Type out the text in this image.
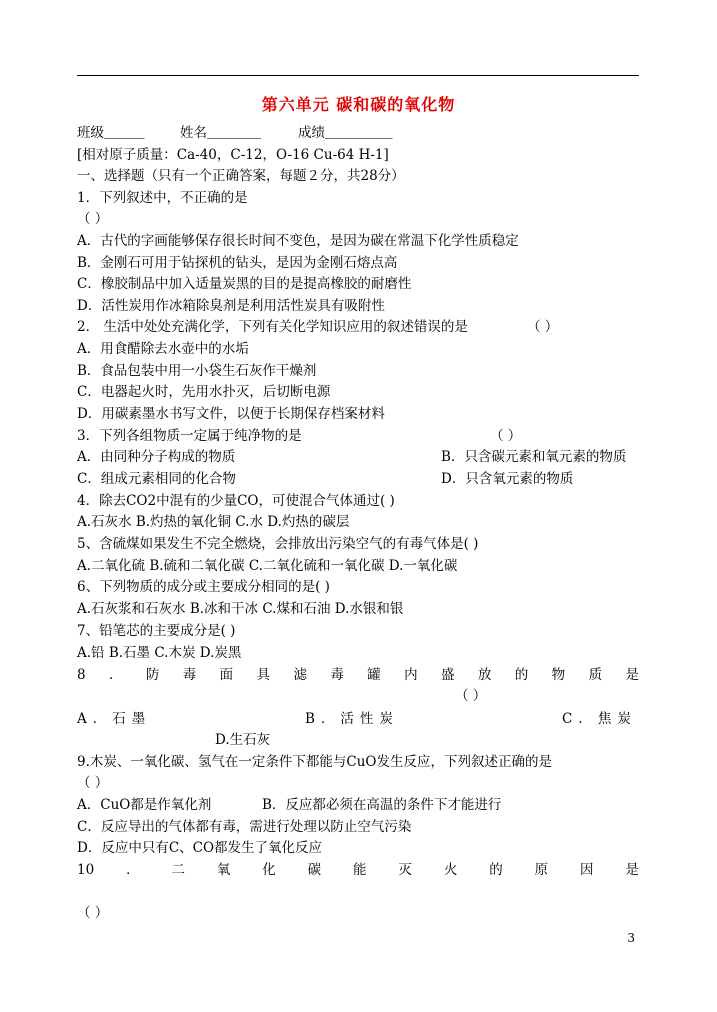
第六单元 碳和碳的氧化物
班级＿＿＿	姓名＿＿＿＿	成绩＿＿＿＿＿
[相对原子质量：Ca-40，C-12，O-16 Cu-64 H-1]
一、选择题（只有一个正确答案，每题２分，共28分）
1．下列叙述中，不正确的是
（ ）
A．古代的字画能够保存很长时间不变色，是因为碳在常温下化学性质稳定
B．金刚石可用于钻探机的钻头，是因为金刚石熔点高
C．橡胶制品中加入适量炭黑的目的是提高橡胶的耐磨性
D．活性炭用作冰箱除臭剂是利用活性炭具有吸附性
2． 生活中处处充满化学，下列有关化学知识应用的叙述错误的是	（ ）
A．用食醋除去水壶中的水垢
B．食品包装中用一小袋生石灰作干燥剂
C．电器起火时，先用水扑灭，后切断电源
D．用碳素墨水书写文件，以便于长期保存档案材料
3．下列各组物质一定属于纯净物的是	（ ）
A．由同种分子构成的物质	B．只含碳元素和氧元素的物质
C．组成元素相同的化合物	D．只含氧元素的物质
4．除去CO2中混有的少量CO，可使混合气体通过( )
A.石灰水 B.灼热的氧化铜 C.水 D.灼热的碳层
5、含硫煤如果发生不完全燃烧，会排放出污染空气的有毒气体是( )
A.二氧化硫 B.硫和二氧化碳 C.二氧化硫和一氧化碳 D.一氧化碳
6、下列物质的成分或主要成分相同的是( )
A.石灰浆和石灰水 B.冰和干冰 C.煤和石油 D.水银和银
7、铅笔芯的主要成分是( )
A.铅 B.石墨 C.木炭 D.炭黑
8 ． 防 毒 面 具 滤 毒 罐 内 盛 放 的 物 质 是
（ ）
A．石墨	B．活性炭	C．焦炭
D.生石灰
9.木炭、一氧化碳、氢气在一定条件下都能与CuO发生反应，下列叙述正确的是
（ ）
A．CuO都是作氧化剂	B．反应都必须在高温的条件下才能进行
C．反应导出的气体都有毒，需进行处理以防止空气污染
D．反应中只有C、CO都发生了氧化反应
10 ． 二 氧 化 碳 能 灭 火 的 原 因 是
（ ）
3
